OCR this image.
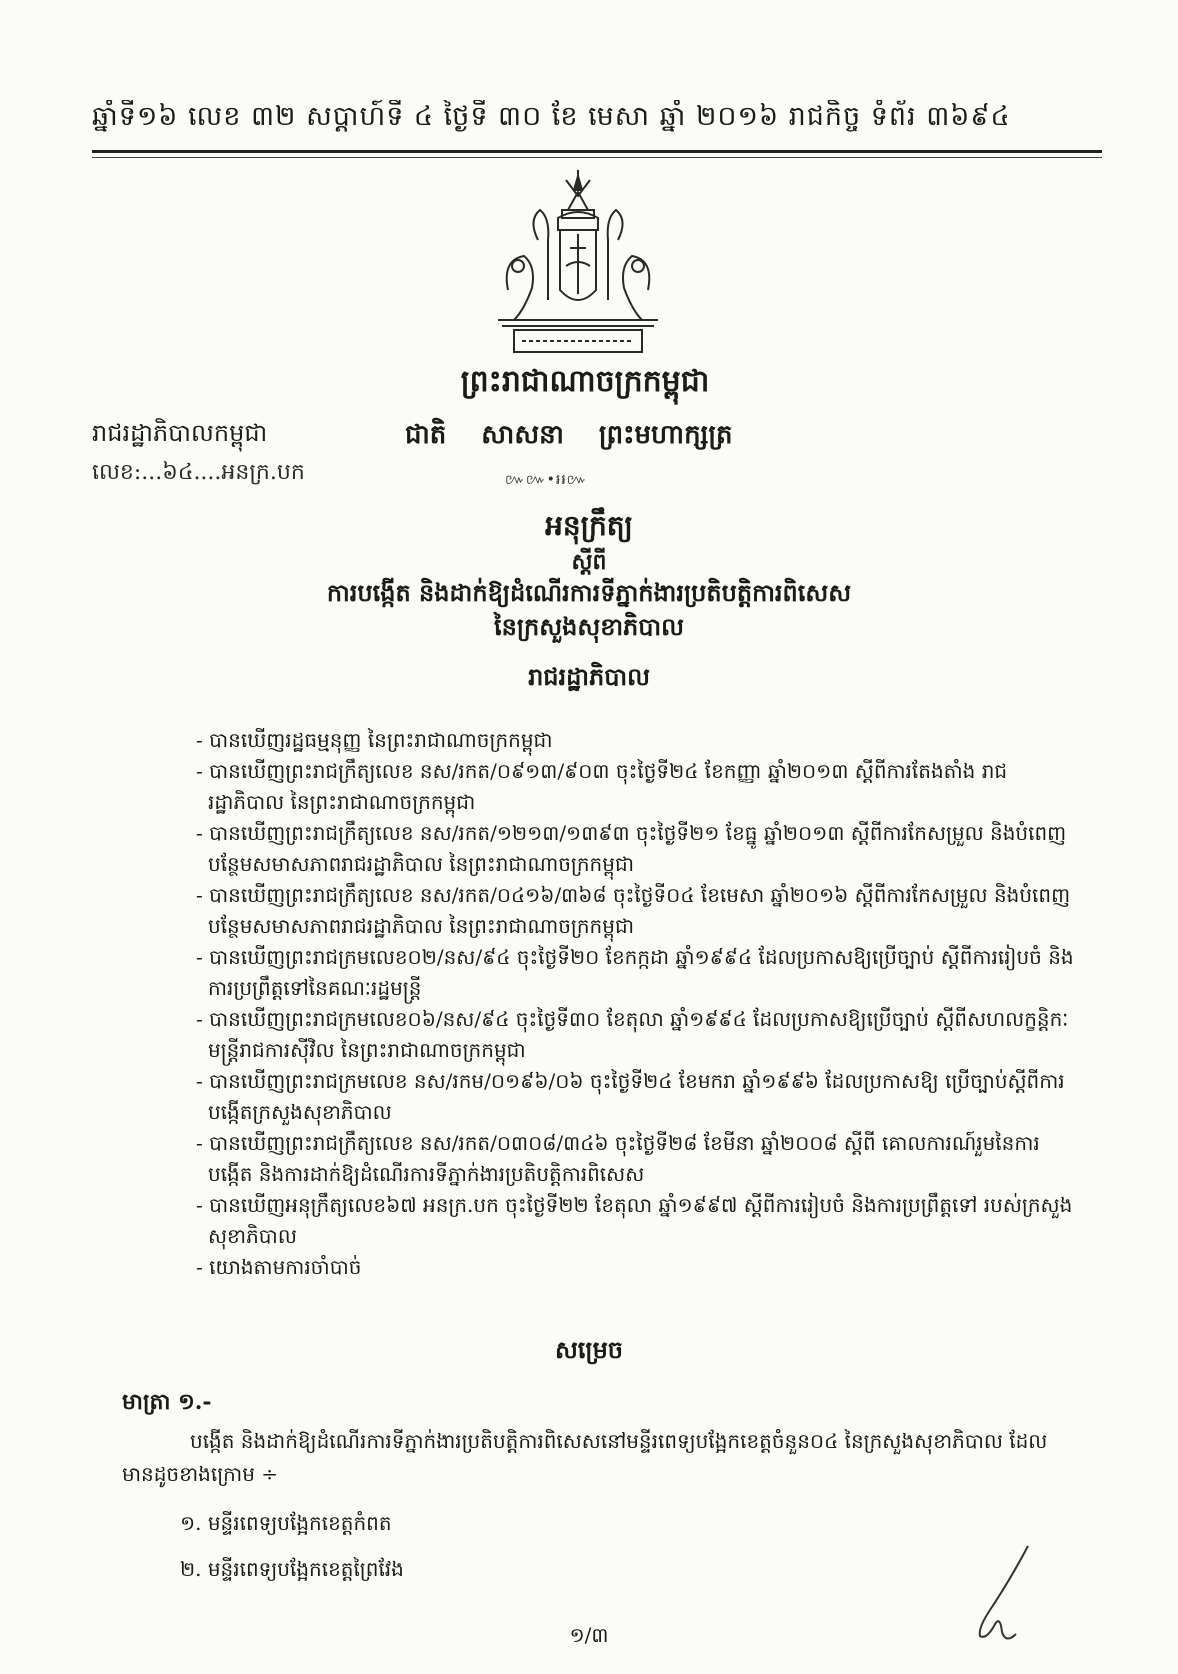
ឆ្នាំទី១៦ លេខ ៣២ សប្តាហ៍ទី ៤ ថ្ងៃទី ៣០ ខែ មេសា ឆ្នាំ ២០១៦ រាជកិច្ច ទំព័រ ៣៦៩៤
ព្រះរាជាណាចក្រកម្ពុជា
រាជរដ្ឋាភិបាលកម្ពុជា	ជាតិ សាសនា ព្រះមហាក្សត្រ
លេខ:...៦៤....អនក្រ.បក	៚៚•៛៛៚
អនុក្រឹត្យ
ស្តីពី
ការបង្កើត និងដាក់ឱ្យដំណើរការទីភ្នាក់ងារប្រតិបត្តិការពិសេស
នៃក្រសួងសុខាភិបាល
រាជរដ្ឋាភិបាល
- បានឃើញរដ្ឋធម្មនុញ្ញ នៃព្រះរាជាណាចក្រកម្ពុជា
- បានឃើញព្រះរាជក្រឹត្យលេខ នស/រកត/០៩១៣/៩០៣ ចុះថ្ងៃទី២៤ ខែកញ្ញា ឆ្នាំ២០១៣ ស្តីពីការតែងតាំង រាជរដ្ឋាភិបាល នៃព្រះរាជាណាចក្រកម្ពុជា
- បានឃើញព្រះរាជក្រឹត្យលេខ នស/រកត/១២១៣/១៣៩៣ ចុះថ្ងៃទី២១ ខែធ្នូ ឆ្នាំ២០១៣ ស្តីពីការកែសម្រួល និងបំពេញបន្ថែមសមាសភាពរាជរដ្ឋាភិបាល នៃព្រះរាជាណាចក្រកម្ពុជា
- បានឃើញព្រះរាជក្រឹត្យលេខ នស/រកត/០៤១៦/៣៦៨ ចុះថ្ងៃទី០៤ ខែមេសា ឆ្នាំ២០១៦ ស្តីពីការកែសម្រួល និងបំពេញបន្ថែមសមាសភាពរាជរដ្ឋាភិបាល នៃព្រះរាជាណាចក្រកម្ពុជា
- បានឃើញព្រះរាជក្រមលេខ០២/នស/៩៤ ចុះថ្ងៃទី២០ ខែកក្កដា ឆ្នាំ១៩៩៤ ដែលប្រកាសឱ្យប្រើច្បាប់ ស្តីពីការរៀបចំ និងការប្រព្រឹត្តទៅនៃគណៈរដ្ឋមន្ត្រី
- បានឃើញព្រះរាជក្រមលេខ០៦/នស/៩៤ ចុះថ្ងៃទី៣០ ខែតុលា ឆ្នាំ១៩៩៤ ដែលប្រកាសឱ្យប្រើច្បាប់ ស្តីពីសហលក្ខន្តិកៈមន្ត្រីរាជការស៊ីវិល នៃព្រះរាជាណាចក្រកម្ពុជា
- បានឃើញព្រះរាជក្រមលេខ នស/រកម/០១៩៦/០៦ ចុះថ្ងៃទី២៤ ខែមករា ឆ្នាំ១៩៩៦ ដែលប្រកាសឱ្យ ប្រើច្បាប់ស្តីពីការបង្កើតក្រសួងសុខាភិបាល
- បានឃើញព្រះរាជក្រឹត្យលេខ នស/រកត/០៣០៨/៣៤៦ ចុះថ្ងៃទី២៨ ខែមីនា ឆ្នាំ២០០៨ ស្តីពី គោលការណ៍រួមនៃការបង្កើត និងការដាក់ឱ្យដំណើរការទីភ្នាក់ងារប្រតិបត្តិការពិសេស
- បានឃើញអនុក្រឹត្យលេខ៦៧ អនក្រ.បក ចុះថ្ងៃទី២២ ខែតុលា ឆ្នាំ១៩៩៧ ស្តីពីការរៀបចំ និងការប្រព្រឹត្តទៅ របស់ក្រសួងសុខាភិបាល
- យោងតាមការចាំបាច់
សម្រេច
មាត្រា ១.-
បង្កើត និងដាក់ឱ្យដំណើរការទីភ្នាក់ងារប្រតិបត្តិការពិសេសនៅមន្ទីរពេទ្យបង្អែកខេត្តចំនួន០៤ នៃក្រសួងសុខាភិបាល ដែលមានដូចខាងក្រោម ÷
១. មន្ទីរពេទ្យបង្អែកខេត្តកំពត
២. មន្ទីរពេទ្យបង្អែកខេត្តព្រៃវែង
១/៣
